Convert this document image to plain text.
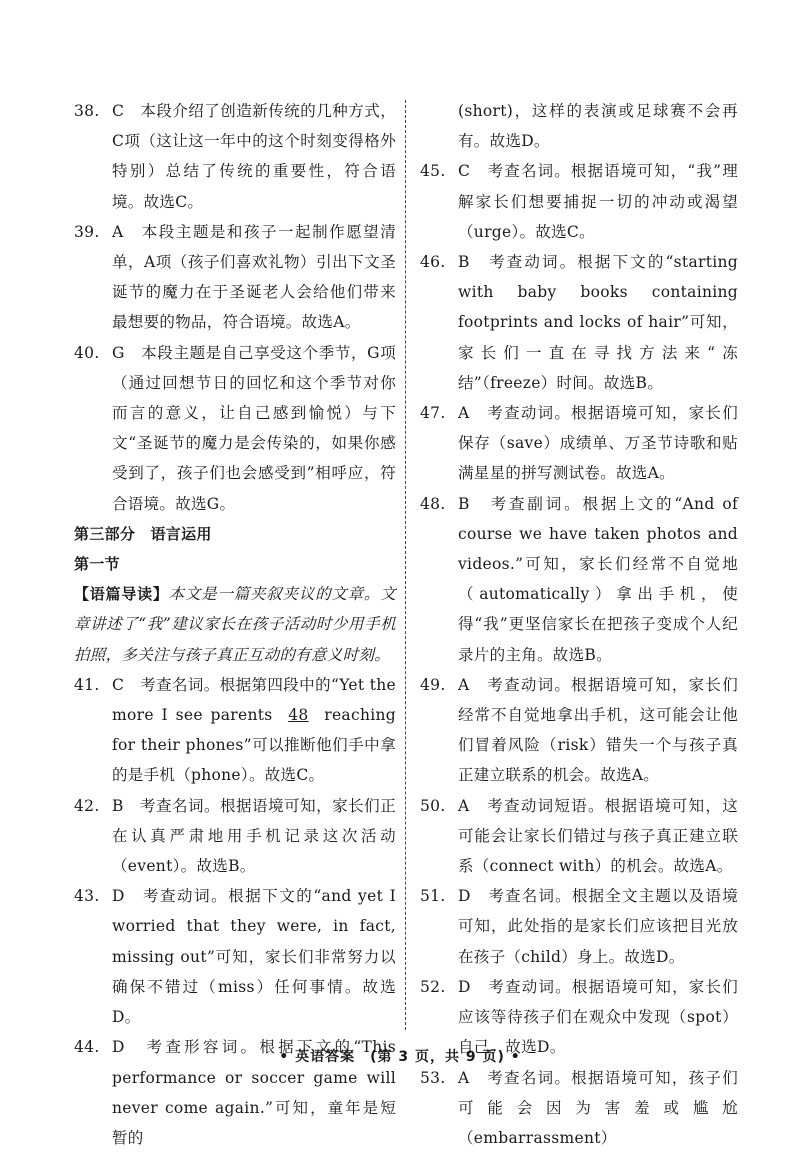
38. C　本段介绍了创造新传统的几种方式，C项（这让这一年中的这个时刻变得格外特别）总结了传统的重要性，符合语境。故选C。
39. A　本段主题是和孩子一起制作愿望清单，A项（孩子们喜欢礼物）引出下文圣诞节的魔力在于圣诞老人会给他们带来最想要的物品，符合语境。故选A。
40. G　本段主题是自己享受这个季节，G项（通过回想节日的回忆和这个季节对你而言的意义，让自己感到愉悦）与下文“圣诞节的魔力是会传染的，如果你感受到了，孩子们也会感受到”相呼应，符合语境。故选G。
第三部分　语言运用
第一节
【语篇导读】本文是一篇夹叙夹议的文章。文章讲述了“我”建议家长在孩子活动时少用手机拍照，多关注与孩子真正互动的有意义时刻。
41. C　考查名词。根据第四段中的“Yet the more I see parents 48 reaching for their phones”可以推断他们手中拿的是手机（phone）。故选C。
42. B　考查名词。根据语境可知，家长们正在认真严肃地用手机记录这次活动（event）。故选B。
43. D　考查动词。根据下文的“and yet I worried that they were, in fact, missing out”可知，家长们非常努力以确保不错过（miss）任何事情。故选D。
44. D　考查形容词。根据下文的“This performance or soccer game will never come again.”可知，童年是短暂的
(short)，这样的表演或足球赛不会再有。故选D。
45. C　考查名词。根据语境可知，“我”理解家长们想要捕捉一切的冲动或渴望（urge）。故选C。
46. B　考查动词。根据下文的“starting with baby books containing footprints and locks of hair”可知，家长们一直在寻找方法来“冻结”（freeze）时间。故选B。
47. A　考查动词。根据语境可知，家长们保存（save）成绩单、万圣节诗歌和贴满星星的拼写测试卷。故选A。
48. B　考查副词。根据上文的“And of course we have taken photos and videos.”可知，家长们经常不自觉地（automatically）拿出手机，使得“我”更坚信家长在把孩子变成个人纪录片的主角。故选B。
49. A　考查动词。根据语境可知，家长们经常不自觉地拿出手机，这可能会让他们冒着风险（risk）错失一个与孩子真正建立联系的机会。故选A。
50. A　考查动词短语。根据语境可知，这可能会让家长们错过与孩子真正建立联系（connect with）的机会。故选A。
51. D　考查名词。根据全文主题以及语境可知，此处指的是家长们应该把目光放在孩子（child）身上。故选D。
52. D　考查动词。根据语境可知，家长们应该等待孩子们在观众中发现（spot）自己。故选D。
53. A　考查名词。根据语境可知，孩子们可能会因为害羞或尴尬（embarrassment）
• 英语答案　(第 3 页，共 9 页) •
